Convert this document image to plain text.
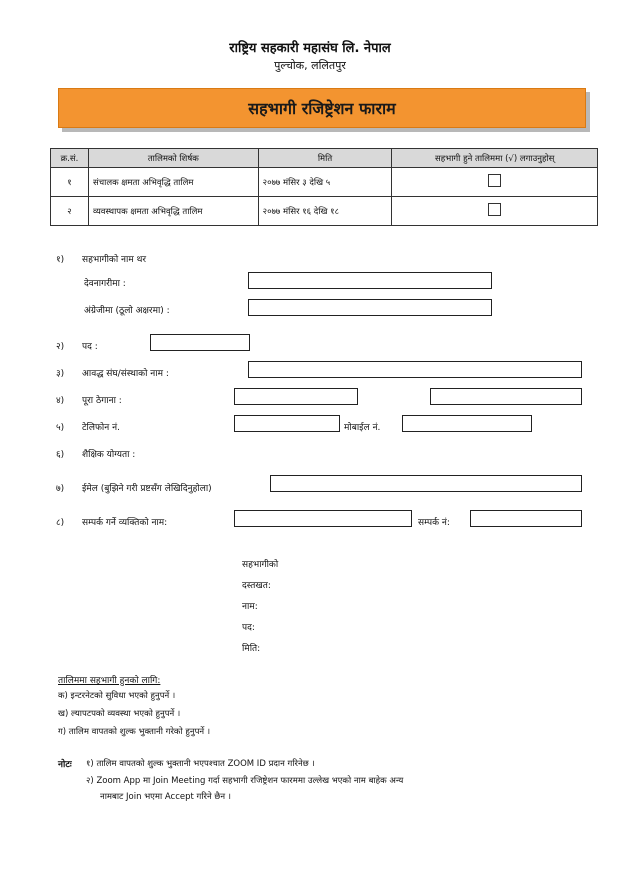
राष्ट्रिय सहकारी महासंघ लि. नेपाल
पुल्चोक, ललितपुर
सहभागी रजिष्ट्रेशन फाराम
क्र.सं.	तालिमको शिर्षक	मिति	सहभागी हुने तालिममा (√) लगाउनुहोस्
१	संचालक क्षमता अभिवृद्धि तालिम	२०७७ मंसिर ३ देखि ५	
२	व्यवस्थापक क्षमता अभिवृद्धि तालिम	२०७७ मंसिर १६ देखि १८	
१) सहभागीको नाम थर
देवनागरीमा :
अंग्रेजीमा (ठूलो अक्षरमा) :
२) पद :
३) आवद्ध संघ/संस्थाको नाम :
४) पूरा ठेगाना :
५) टेलिफोन नं.	मोबाईल नं.
६) शैक्षिक योग्यता :
७) ईमेल (बुझिने गरी प्रष्टसँग लेखिदिनुहोला)
८) सम्पर्क गर्ने व्यक्तिको नाम:	सम्पर्क नं:
सहभागीको
दस्तखत:
नाम:
पद:
मिति:
तालिममा सहभागी हुनको लागि:
क) इन्टरनेटको सुविधा भएको हुनुपर्ने ।
ख) ल्यापटपको व्यवस्था भएको हुनुपर्ने ।
ग) तालिम वापतको शुल्क भुक्तानी गरेको हुनुपर्ने ।
नोटः १) तालिम वापतको शुल्क भुक्तानी भएपश्चात ZOOM ID प्रदान गरिनेछ ।
२) Zoom App मा Join Meeting गर्दा सहभागी रजिष्ट्रेशन फारममा उल्लेख भएको नाम बाहेक अन्य
नामबाट Join भएमा Accept गरिने छैन ।
